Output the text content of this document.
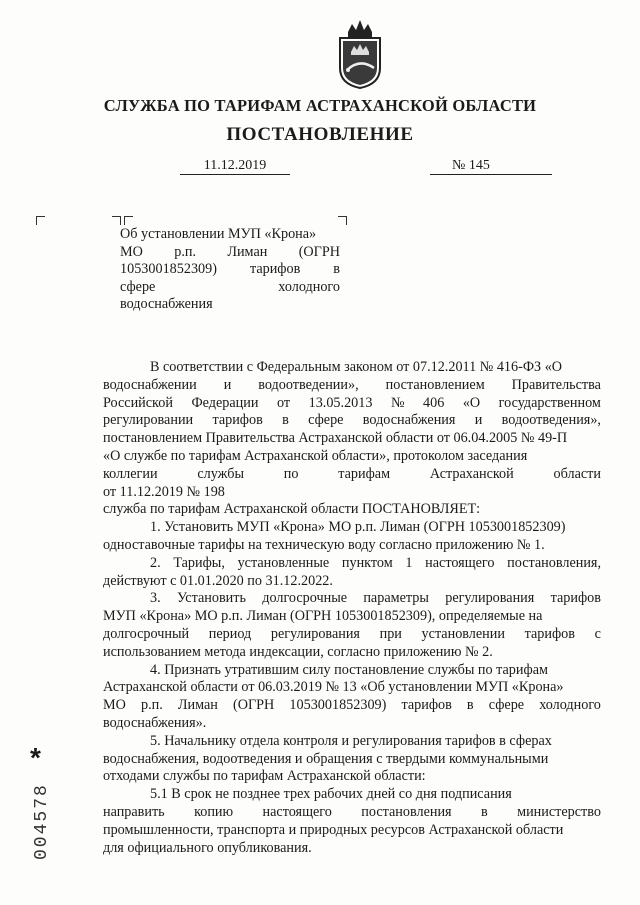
СЛУЖБА ПО ТАРИФАМ АСТРАХАНСКОЙ ОБЛАСТИ
ПОСТАНОВЛЕНИЕ
11.12.2019	№ 145
Об установлении МУП «Крона»
МО р.п. Лиман (ОГРН
1053001852309) тарифов в
сфере	холодного
водоснабжения
В соответствии с Федеральным законом от 07.12.2011 № 416-ФЗ «О
водоснабжении и водоотведении», постановлением Правительства
Российской Федерации от 13.05.2013 № 406 «О государственном
регулировании тарифов в сфере водоснабжения и водоотведения»,
постановлением Правительства Астраханской области от 06.04.2005 № 49-П
«О службе по тарифам Астраханской области», протоколом заседания
коллегии	службы	по	тарифам	Астраханской	области
от 11.12.2019 № 198
служба по тарифам Астраханской области ПОСТАНОВЛЯЕТ:
1. Установить МУП «Крона» МО р.п. Лиман (ОГРН 1053001852309)
одноставочные тарифы на техническую воду согласно приложению № 1.
2. Тарифы, установленные пунктом 1 настоящего постановления,
действуют с 01.01.2020 по 31.12.2022.
3. Установить долгосрочные параметры регулирования тарифов
МУП «Крона» МО р.п. Лиман (ОГРН 1053001852309), определяемые на
долгосрочный период регулирования при установлении тарифов с
использованием метода индексации, согласно приложению № 2.
4. Признать утратившим силу постановление службы по тарифам
Астраханской области от 06.03.2019 № 13 «Об установлении МУП «Крона»
МО р.п. Лиман (ОГРН 1053001852309) тарифов в сфере холодного
водоснабжения».
5. Начальнику отдела контроля и регулирования тарифов в сферах
водоснабжения, водоотведения и обращения с твердыми коммунальными
отходами службы по тарифам Астраханской области:
5.1 В срок не позднее трех рабочих дней со дня подписания
направить копию настоящего постановления в министерство
промышленности, транспорта и природных ресурсов Астраханской области
для официального опубликования.
*
004578
